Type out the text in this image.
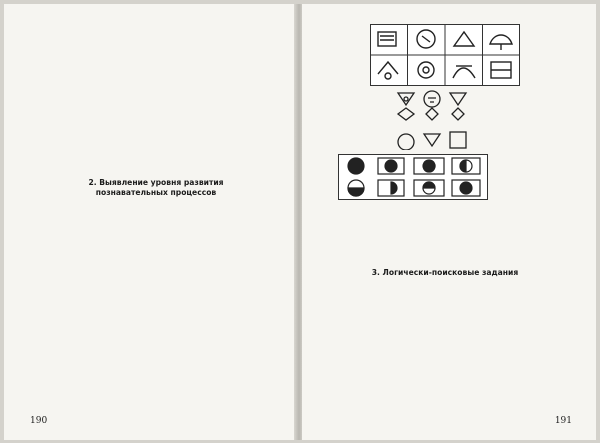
2. Выявление уровня развития
познавательных процессов
190
3. Логически-поисковые задания
191
